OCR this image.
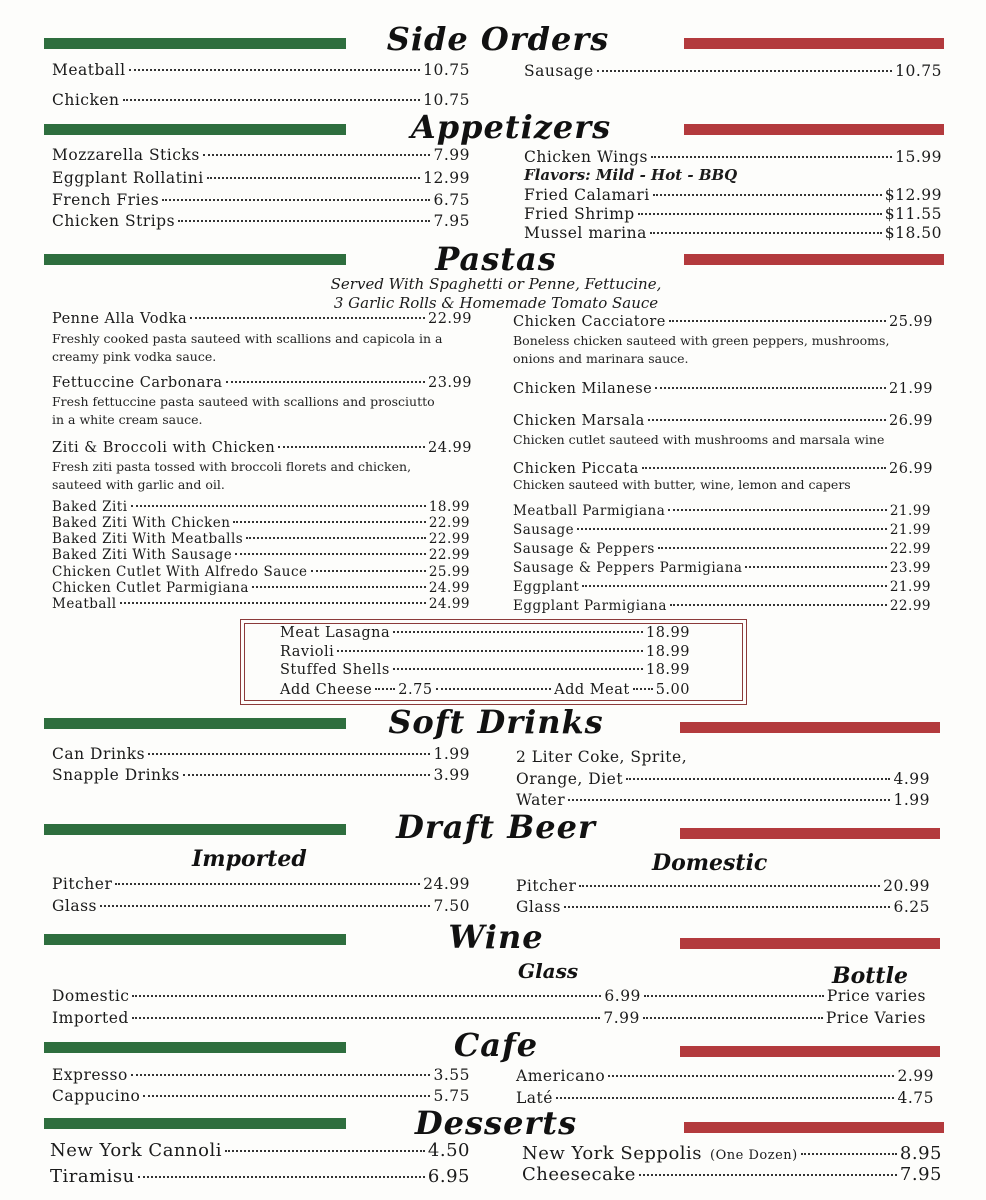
Side Orders
Meatball	10.75
Chicken	10.75
Sausage	10.75
Appetizers
Mozzarella Sticks	7.99
Eggplant Rollatini	12.99
French Fries	6.75
Chicken Strips	7.95
Chicken Wings	15.99
Flavors: Mild - Hot - BBQ
Fried Calamari	$12.99
Fried Shrimp	$11.55
Mussel marina	$18.50
Pastas
Served With Spaghetti or Penne, Fettucine,
3 Garlic Rolls & Homemade Tomato Sauce
Penne Alla Vodka	22.99
Freshly cooked pasta sauteed with scallions and capicola in a
creamy pink vodka sauce.
Fettuccine Carbonara	23.99
Fresh fettuccine pasta sauteed with scallions and prosciutto
in a white cream sauce.
Ziti & Broccoli with Chicken	24.99
Fresh ziti pasta tossed with broccoli florets and chicken,
sauteed with garlic and oil.
Baked Ziti	18.99
Baked Ziti With Chicken	22.99
Baked Ziti With Meatballs	22.99
Baked Ziti With Sausage	22.99
Chicken Cutlet With Alfredo Sauce	25.99
Chicken Cutlet Parmigiana	24.99
Meatball	24.99
Chicken Cacciatore	25.99
Boneless chicken sauteed with green peppers, mushrooms,
onions and marinara sauce.
Chicken Milanese	21.99
Chicken Marsala	26.99
Chicken cutlet sauteed with mushrooms and marsala wine
Chicken Piccata	26.99
Chicken sauteed with butter, wine, lemon and capers
Meatball Parmigiana	21.99
Sausage	21.99
Sausage & Peppers	22.99
Sausage & Peppers Parmigiana	23.99
Eggplant	21.99
Eggplant Parmigiana	22.99
Meat Lasagna	18.99
Ravioli	18.99
Stuffed Shells	18.99
Add Cheese 2.75	Add Meat 5.00
Soft Drinks
Can Drinks	1.99
Snapple Drinks	3.99
2 Liter Coke, Sprite,
Orange, Diet	4.99
Water	1.99
Draft Beer
Imported	Domestic
Pitcher	24.99
Glass	7.50
Pitcher	20.99
Glass	6.25
Wine
Glass	Bottle
Domestic	6.99	Price varies
Imported	7.99	Price Varies
Cafe
Expresso	3.55
Cappucino	5.75
Americano	2.99
Laté	4.75
Desserts
New York Cannoli	4.50
Tiramisu	6.95
New York Seppolis (One Dozen)	8.95
Cheesecake	7.95
